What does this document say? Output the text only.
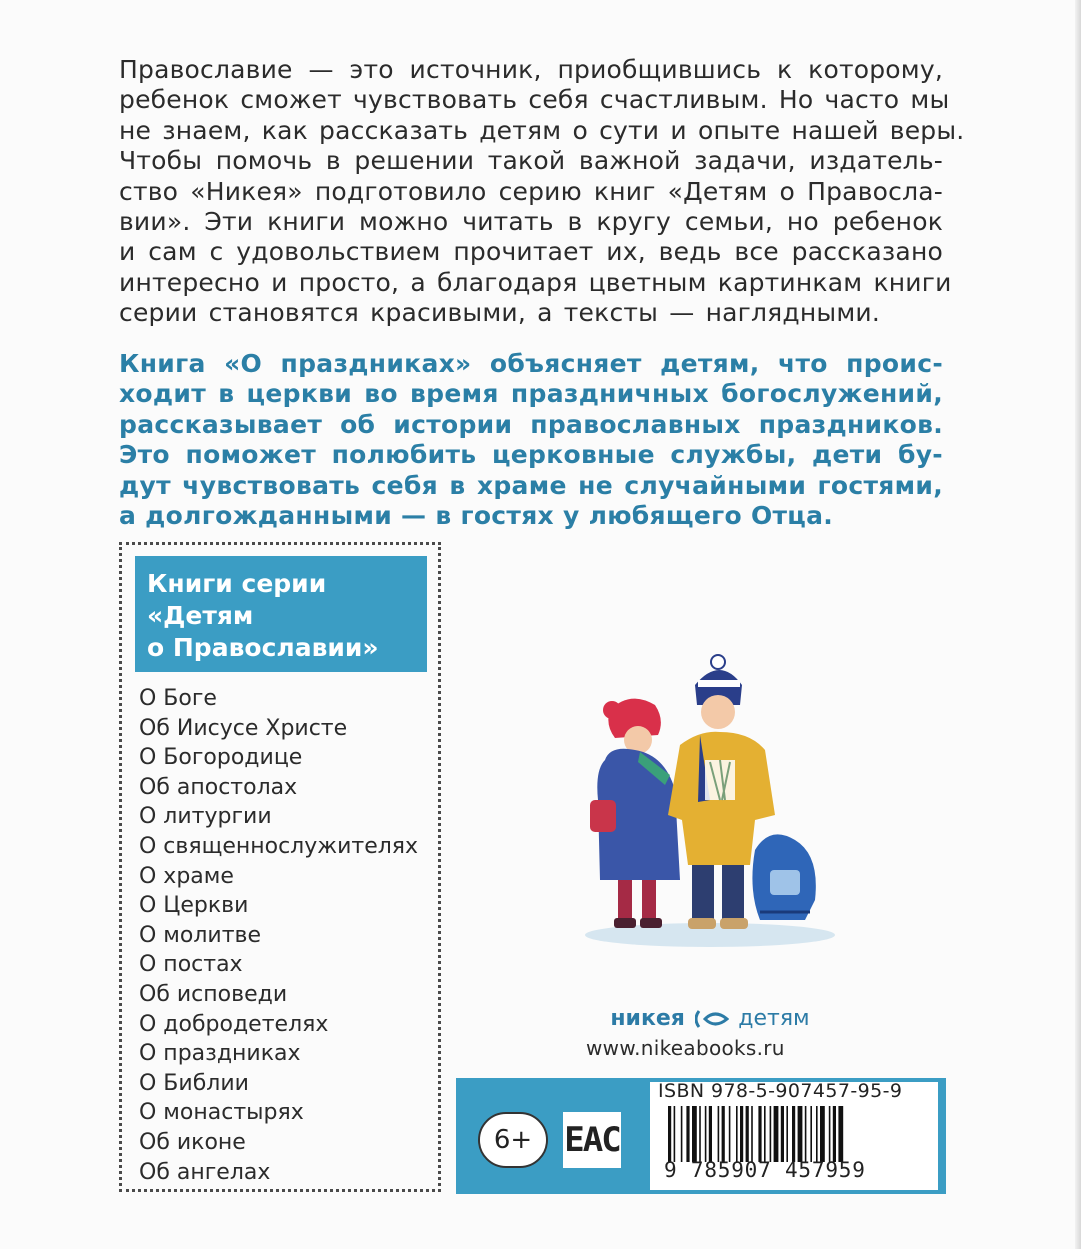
Православие — это источник, приобщившись к которому,
ребенок сможет чувствовать себя счастливым. Но часто мы
не знаем, как рассказать детям о сути и опыте нашей веры.
Чтобы помочь в решении такой важной задачи, издатель-
ство «Никея» подготовило серию книг «Детям о Правосла-
вии». Эти книги можно читать в кругу семьи, но ребенок
и сам с удовольствием прочитает их, ведь все рассказано
интересно и просто, а благодаря цветным картинкам книги
серии становятся красивыми, а тексты — наглядными.
Книга «О праздниках» объясняет детям, что проис-
ходит в церкви во время праздничных богослужений,
рассказывает об истории православных праздников.
Это поможет полюбить церковные службы, дети бу-
дут чувствовать себя в храме не случайными гостями,
а долгожданными — в гостях у любящего Отца.
Книги серии
«Детям
о Православии»
О Боге
Об Иисусе Христе
О Богородице
Об апостолах
О литургии
О священнослужителях
О храме
О Церкви
О молитве
О постах
Об исповеди
О добродетелях
О праздниках
О Библии
О монастырях
Об иконе
Об ангелах
никея детям
www.nikeabooks.ru
6+ EAC
ISBN 978-5-907457-95-9
9 785907 457959
